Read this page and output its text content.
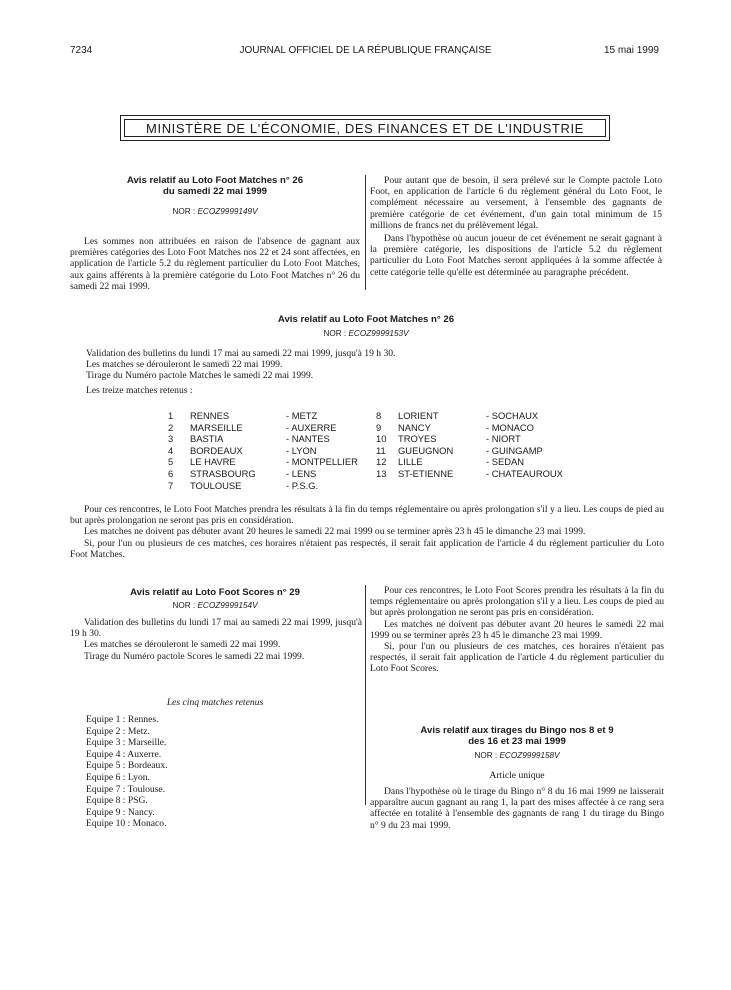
7234	JOURNAL OFFICIEL DE LA RÉPUBLIQUE FRANÇAISE	15 mai 1999
MINISTÈRE DE L'ÉCONOMIE, DES FINANCES ET DE L'INDUSTRIE
Avis relatif au Loto Foot Matches n° 26
du samedi 22 mai 1999
NOR : ECOZ9999149V

Les sommes non attribuées en raison de l'absence de gagnant aux premières catégories des Loto Foot Matches nos 22 et 24 sont affectées, en application de l'article 5.2 du règlement particulier du Loto Foot Matches, aux gains afférents à la première catégorie du Loto Foot Matches n° 26 du samedi 22 mai 1999.

Pour autant que de besoin, il sera prélevé sur le Compte pactole Loto Foot, en application de l'article 6 du règlement général du Loto Foot, le complément nécessaire au versement, à l'ensemble des gagnants de première catégorie de cet événement, d'un gain total minimum de 15 millions de francs net du prélèvement légal.

Dans l'hypothèse où aucun joueur de cet événement ne serait gagnant à la première catégorie, les dispositions de l'article 5.2 du règlement particulier du Loto Foot Matches seront appliquées à la somme affectée à cette catégorie telle qu'elle est déterminée au paragraphe précédent.

Avis relatif au Loto Foot Matches n° 26
NOR : ECOZ9999153V
Validation des bulletins du lundi 17 mai au samedi 22 mai 1999, jusqu'à 19 h 30.
Les matches se dérouleront le samedi 22 mai 1999.
Tirage du Numéro pactole Matches le samedi 22 mai 1999.
Les treize matches retenus :
1 RENNES	- METZ
2 MARSEILLE	- AUXERRE
3 BASTIA	- NANTES
4 BORDEAUX	- LYON
5 LE HAVRE	- MONTPELLIER
6 STRASBOURG	- LENS
7 TOULOUSE	- P.S.G.
8 LORIENT	- SOCHAUX
9 NANCY	- MONACO
10 TROYES	- NIORT
11 GUEUGNON	- GUINGAMP
12 LILLE	- SEDAN
13 ST-ETIENNE	- CHATEAUROUX

Pour ces rencontres, le Loto Foot Matches prendra les résultats à la fin du temps réglementaire ou après prolongation s'il y a lieu. Les coups de pied au but après prolongation ne seront pas pris en considération.

Les matches ne doivent pas débuter avant 20 heures le samedi 22 mai 1999 ou se terminer après 23 h 45 le dimanche 23 mai 1999.

Si, pour l'un ou plusieurs de ces matches, ces horaires n'étaient pas respectés, il serait fait application de l'article 4 du règlement particulier du Loto Foot Matches.

Avis relatif au Loto Foot Scores n° 29
NOR : ECOZ9999154V

Validation des bulletins du lundi 17 mai au samedi 22 mai 1999, jusqu'à 19 h 30.

Les matches se dérouleront le samedi 22 mai 1999.

Tirage du Numéro pactole Scores le samedi 22 mai 1999.

Les cinq matches retenus
Equipe 1 : Rennes.
Equipe 2 : Metz.
Equipe 3 : Marseille.
Equipe 4 : Auxerre.
Equipe 5 : Bordeaux.
Equipe 6 : Lyon.
Equipe 7 : Toulouse.
Equipe 8 : PSG.
Equipe 9 : Nancy.
Equipe 10 : Monaco.

Pour ces rencontres, le Loto Foot Scores prendra les résultats à la fin du temps réglementaire ou après prolongation s'il y a lieu. Les coups de pied au but après prolongation ne seront pas pris en considération.

Les matches ne doivent pas débuter avant 20 heures le samedi 22 mai 1999 ou se terminer après 23 h 45 le dimanche 23 mai 1999.

Si, pour l'un ou plusieurs de ces matches, ces horaires n'étaient pas respectés, il serait fait application de l'article 4 du règlement particulier du Loto Foot Scores.

Avis relatif aux tirages du Bingo nos 8 et 9
des 16 et 23 mai 1999
NOR : ECOZ9999158V
Article unique

Dans l'hypothèse où le tirage du Bingo n° 8 du 16 mai 1999 ne laisserait apparaître aucun gagnant au rang 1, la part des mises affectée à ce rang sera affectée en totalité à l'ensemble des gagnants de rang 1 du tirage du Bingo n° 9 du 23 mai 1999.
